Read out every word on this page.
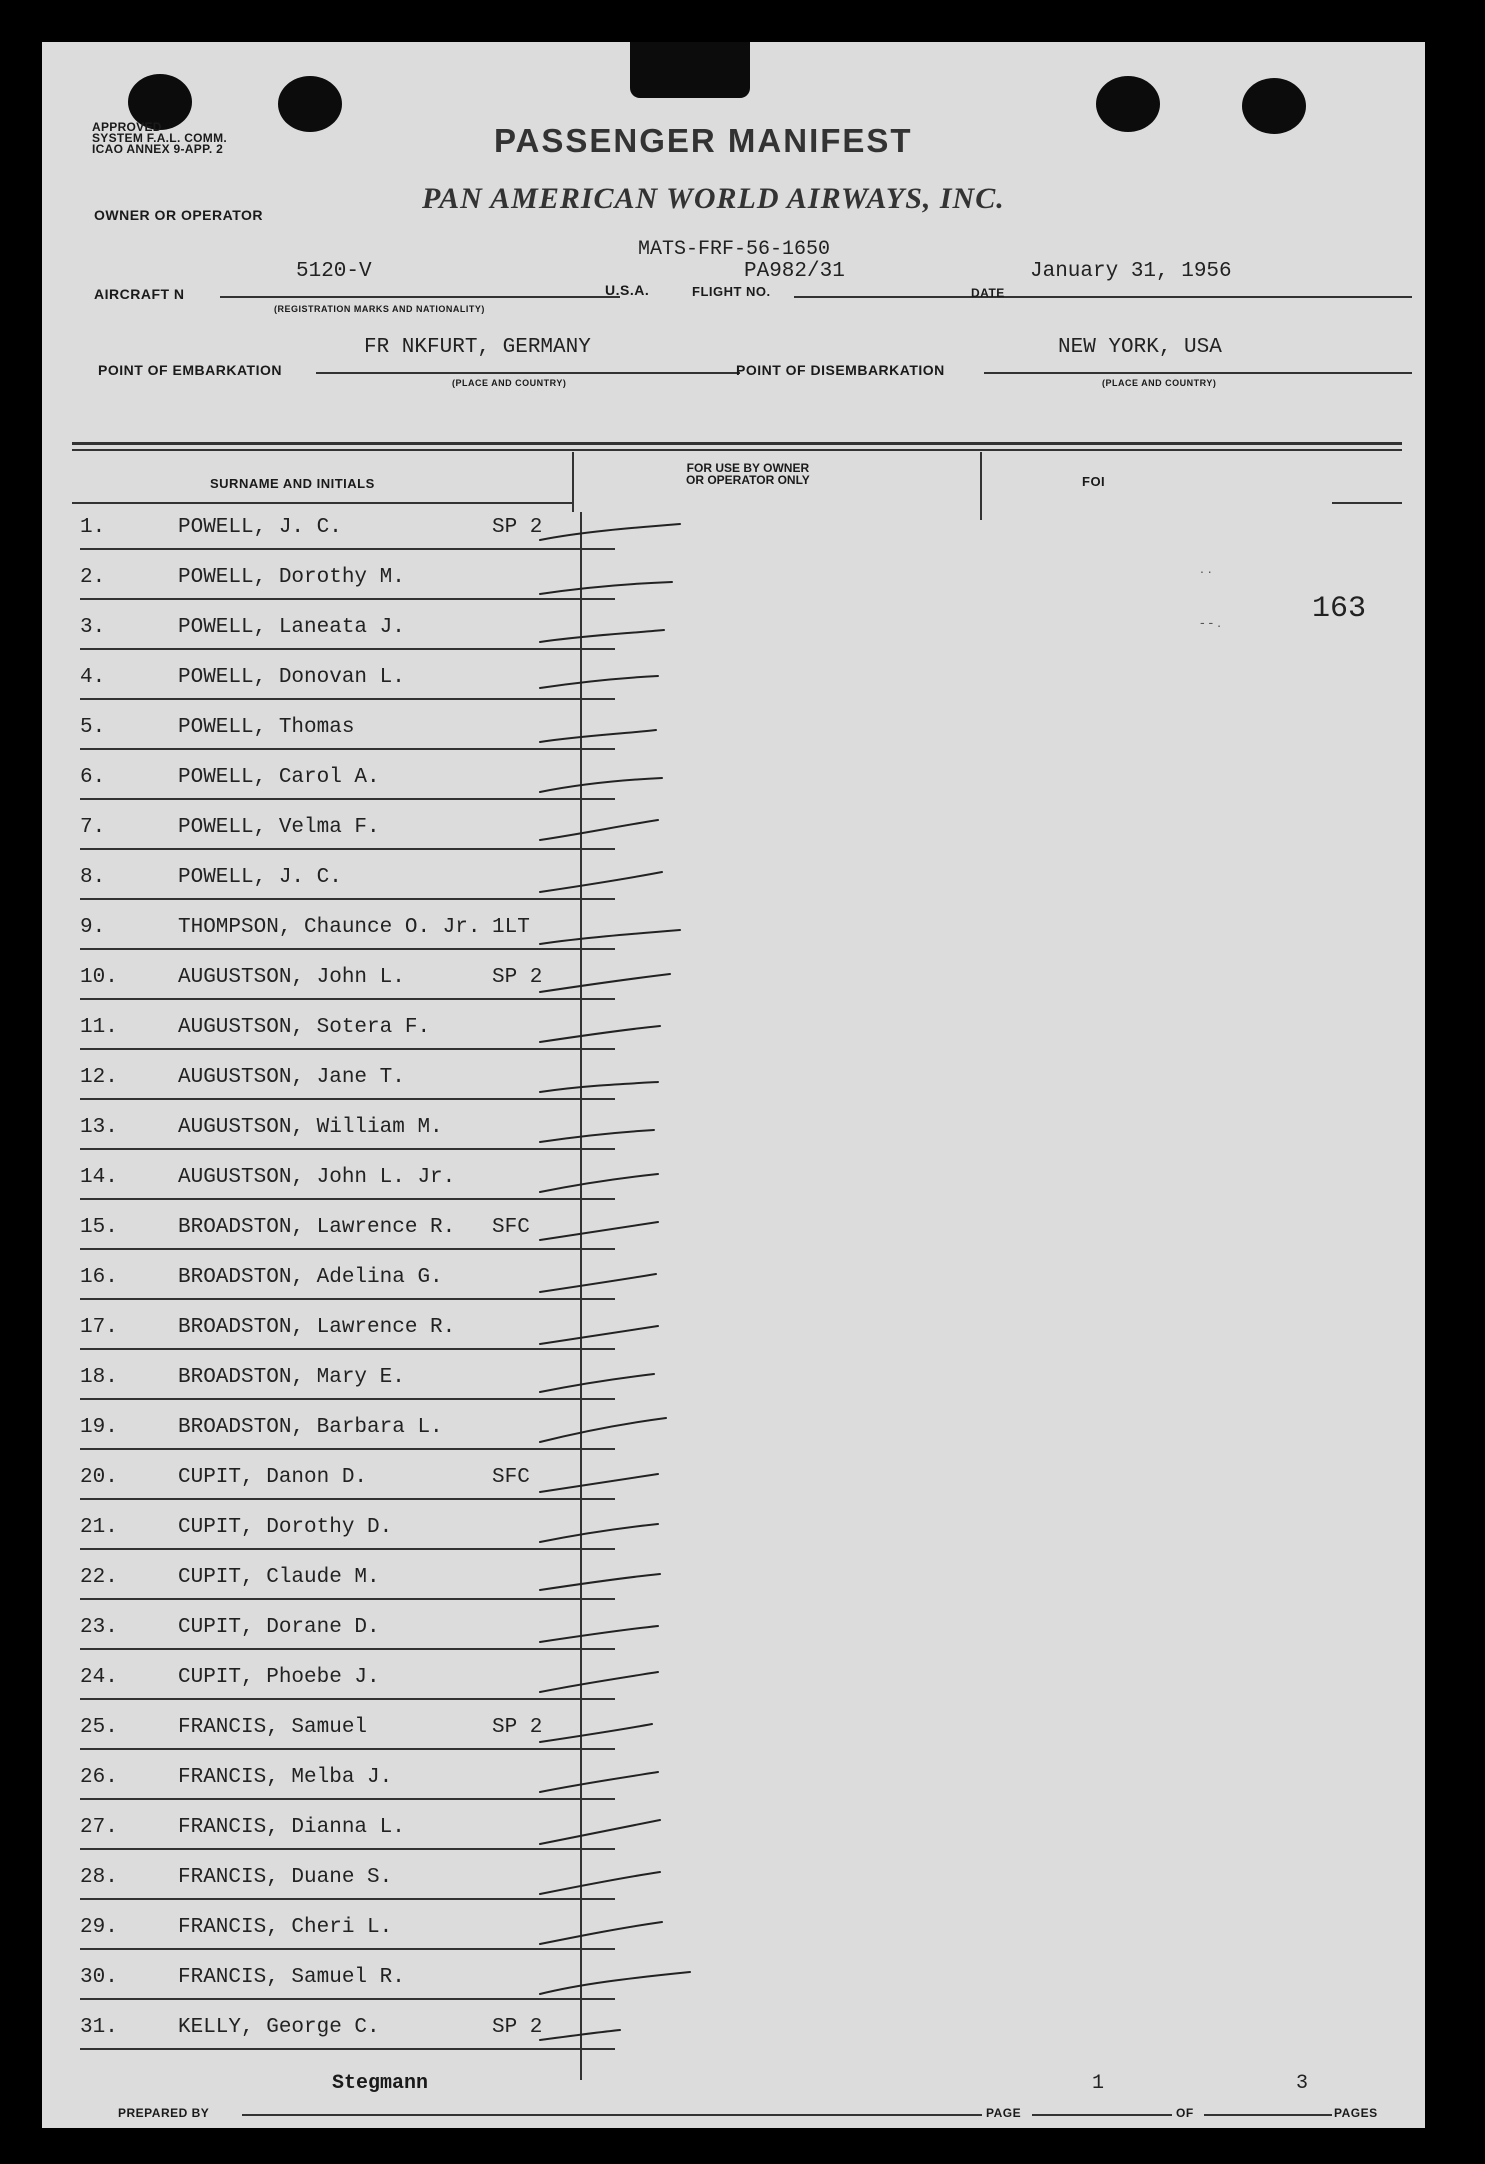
APPROVED
SYSTEM F.A.L. COMM.
ICAO ANNEX 9-APP. 2	PASSENGER MANIFEST
OWNER OR OPERATOR	PAN AMERICAN WORLD AIRWAYS, INC.
MATS-FRF-56-1650
AIRCRAFT N
5120-V
(REGISTRATION MARKS AND NATIONALITY)
U.S.A.	FLIGHT NO.
PA982/31
DATE
January 31, 1956
POINT OF EMBARKATION
FR NKFURT, GERMANY
(PLACE AND COUNTRY)
POINT OF DISEMBARKATION
NEW YORK, USA
(PLACE AND COUNTRY)
SURNAME AND INITIALS
FOR USE BY OWNER
OR OPERATOR ONLY	FOI
. .
- - .	163
1.	POWELL, J. C.	SP 2
2.	POWELL, Dorothy M.
3.	POWELL, Laneata J.
4.	POWELL, Donovan L.
5.	POWELL, Thomas
6.	POWELL, Carol A.
7.	POWELL, Velma F.
8.	POWELL, J. C.
9.	THOMPSON, Chaunce O. Jr. 1LT
10.	AUGUSTSON, John L.	SP 2
11.	AUGUSTSON, Sotera F.
12.	AUGUSTSON, Jane T.
13.	AUGUSTSON, William M.
14.	AUGUSTSON, John L. Jr.
15.	BROADSTON, Lawrence R. SFC
16.	BROADSTON, Adelina G.
17.	BROADSTON, Lawrence R.
18.	BROADSTON, Mary E.
19.	BROADSTON, Barbara L.
20.	CUPIT, Danon D.	SFC
21.	CUPIT, Dorothy D.
22.	CUPIT, Claude M.
23.	CUPIT, Dorane D.
24.	CUPIT, Phoebe J.
25.	FRANCIS, Samuel	SP 2
26.	FRANCIS, Melba J.
27.	FRANCIS, Dianna L.
28.	FRANCIS, Duane S.
29.	FRANCIS, Cheri L.
30.	FRANCIS, Samuel R.
31.	KELLY, George C.	SP 2
Stegmann
PREPARED BY	PAGE
1
OF
3
PAGES
